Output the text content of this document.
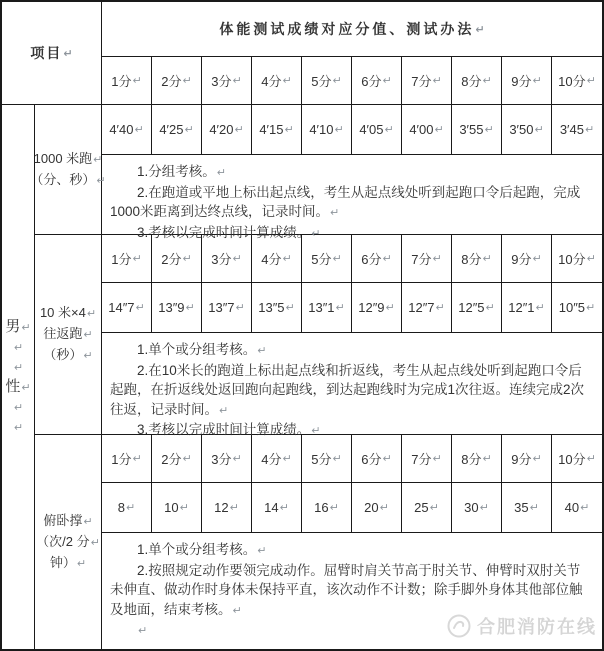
项目 ↵
体能测试成绩对应分值、测试办法 ↵
1分 ↵	2分 ↵	3分 ↵	4分 ↵	5分 ↵	6分 ↵	7分 ↵	8分 ↵	9分 ↵	10分 ↵
男↵
↵
↵
性↵
↵
↵
1000 米跑↵
（分、秒）↵
4′40 ↵	4′25 ↵	4′20 ↵	4′15 ↵	4′10 ↵	4′05 ↵	4′00 ↵	3′55 ↵	3′50 ↵	3′45 ↵

1.分组考核。↵

2.在跑道或平地上标出起点线，考生从起点线处听到起跑口令后起跑，完成1000米距离到达终点线，记录时间。↵

3.考核以完成时间计算成绩。↵

10 米×4↵
往返跑↵
（秒）↵
1分 ↵	2分 ↵	3分 ↵	4分 ↵	5分 ↵	6分 ↵	7分 ↵	8分 ↵	9分 ↵	10分 ↵
14″7 ↵	13″9 ↵	13″7 ↵	13″5 ↵	13″1 ↵	12″9 ↵	12″7 ↵	12″5 ↵	12″1 ↵	10″5 ↵

1.单个或分组考核。↵

2.在10米长的跑道上标出起点线和折返线，考生从起点线处听到起跑口令后起跑，在折返线处返回跑向起跑线，到达起跑线时为完成1次往返。连续完成2次往返，记录时间。↵

3.考核以完成时间计算成绩。↵

俯卧撑↵
（次/2 分↵
钟）↵
1分 ↵	2分 ↵	3分 ↵	4分 ↵	5分 ↵	6分 ↵	7分 ↵	8分 ↵	9分 ↵	10分 ↵
8 ↵	10 ↵	12 ↵	14 ↵	16 ↵	20 ↵	25 ↵	30 ↵	35 ↵	40 ↵

1.单个或分组考核。↵

2.按照规定动作要领完成动作。屈臂时肩关节高于肘关节、伸臂时双肘关节未伸直、做动作时身体未保持平直，该次动作不计数；除手脚外身体其他部位触及地面，结束考核。↵

↵	合肥消防在线
